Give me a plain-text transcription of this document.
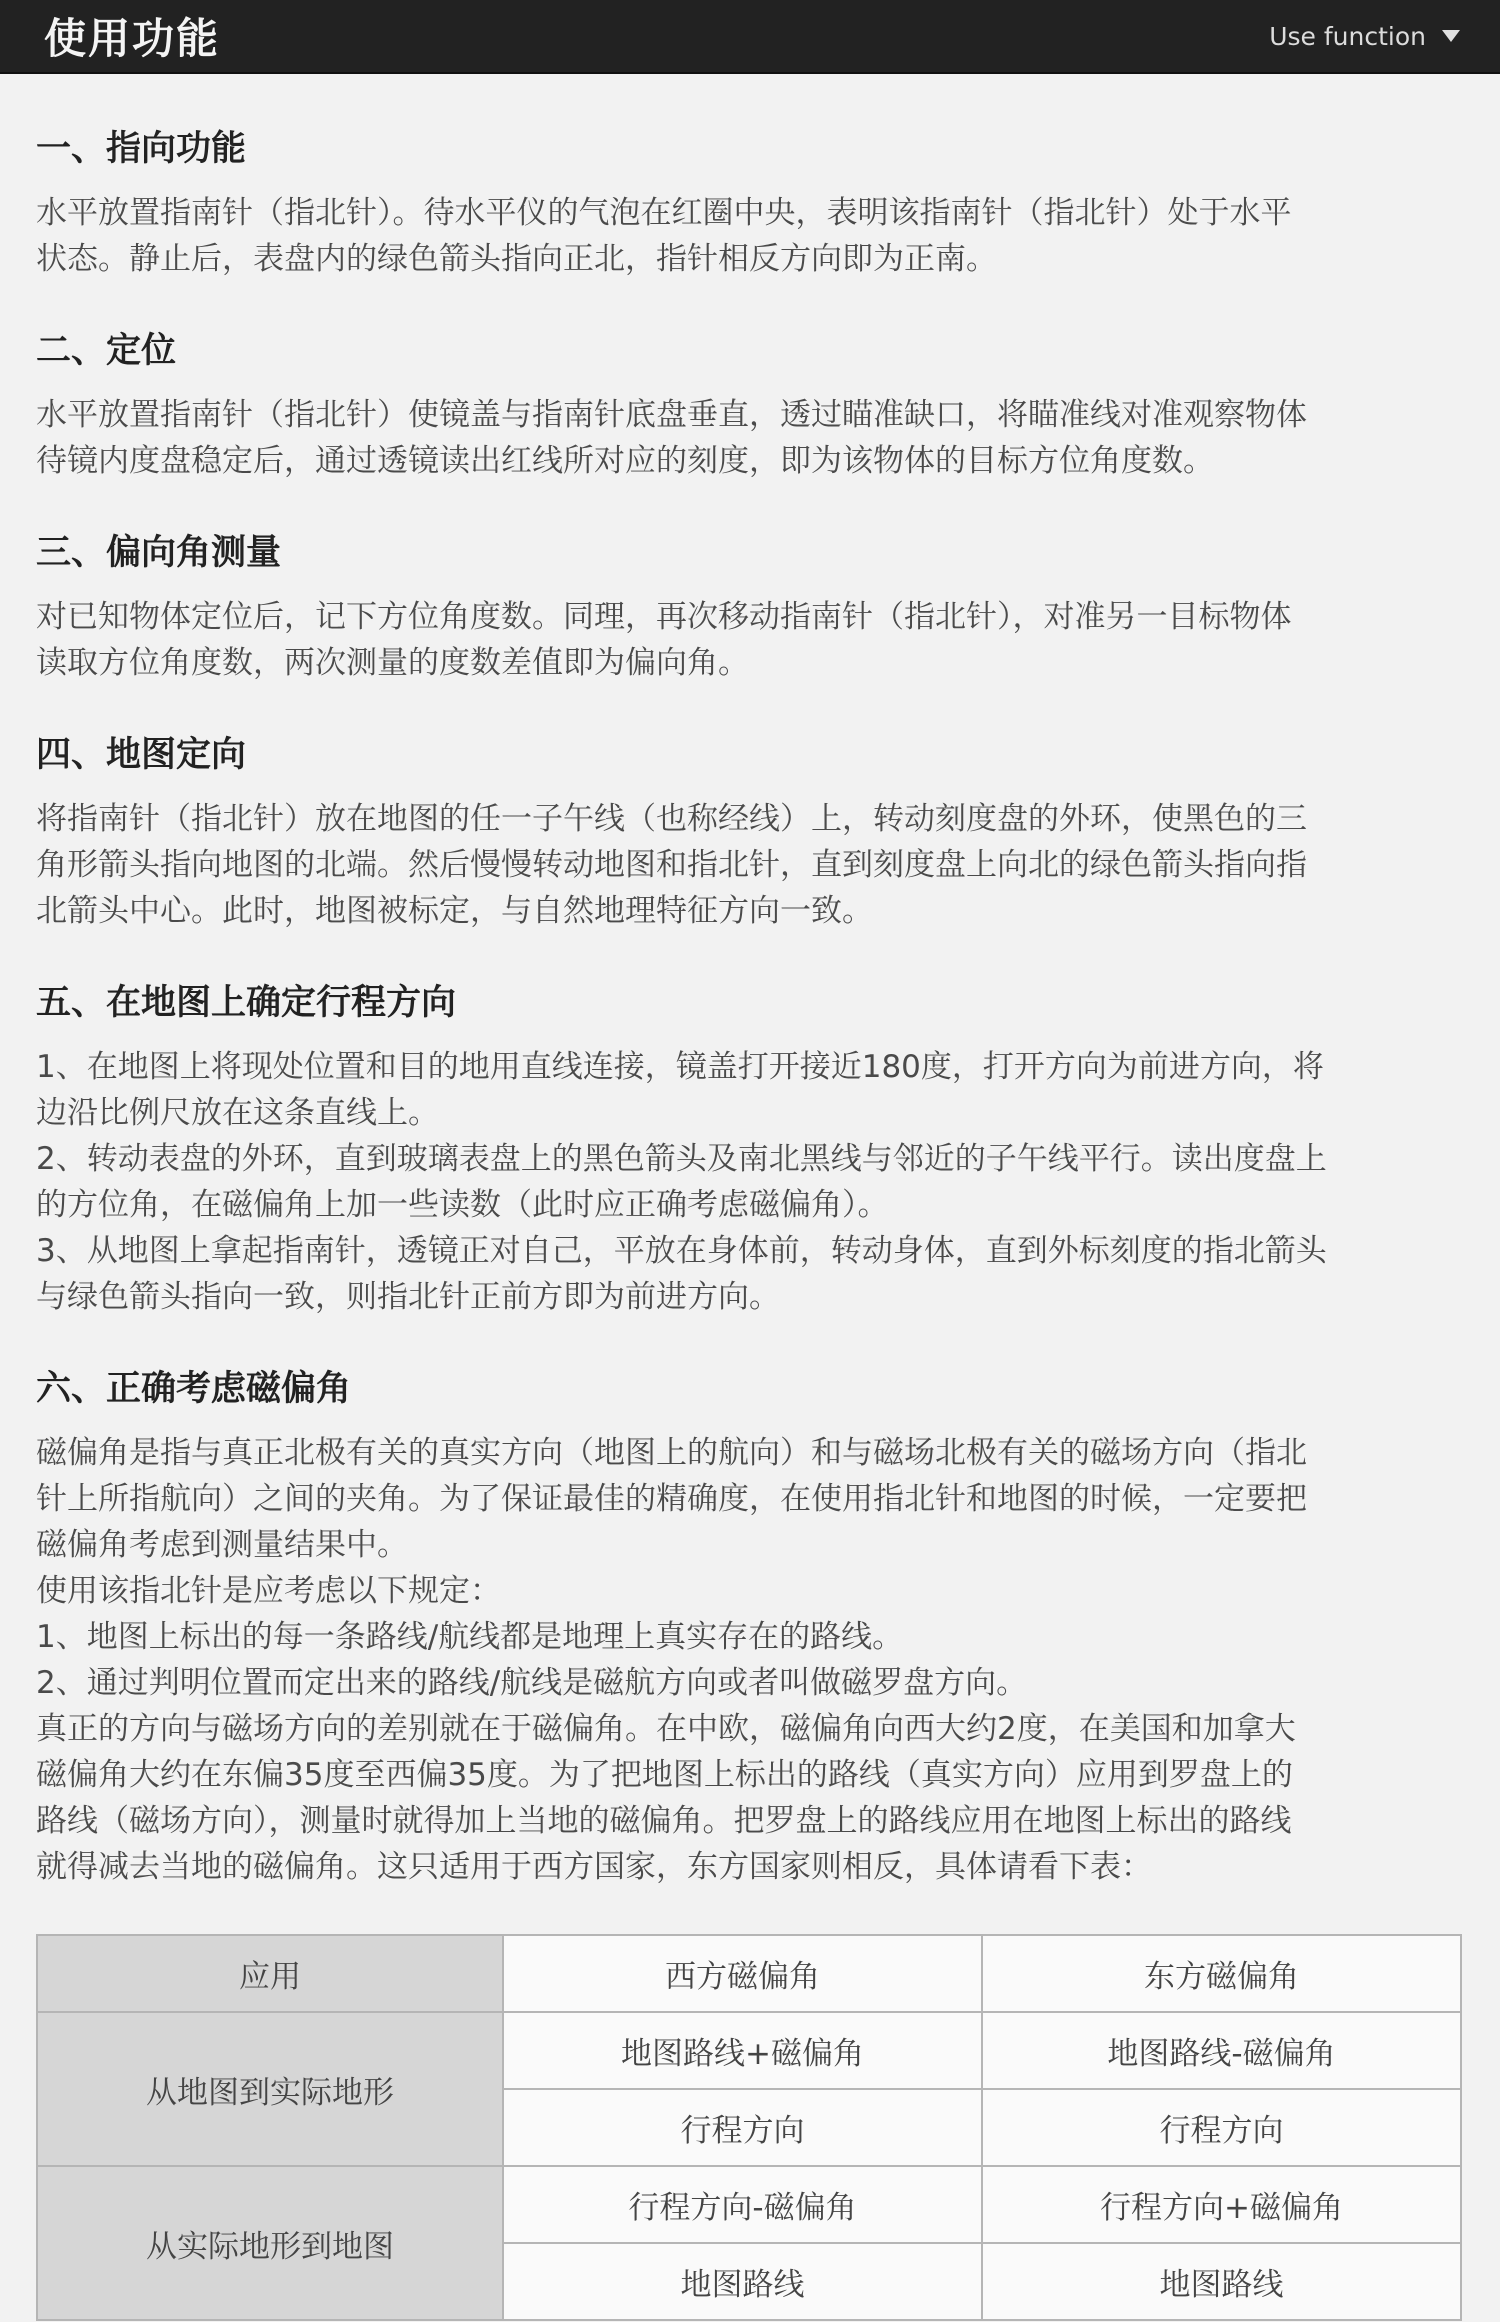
使用功能	Use function
一、指向功能

水平放置指南针（指北针）。待水平仪的气泡在红圈中央，表明该指南针（指北针）处于水平
状态。静止后，表盘内的绿色箭头指向正北，指针相反方向即为正南。

二、定位

水平放置指南针（指北针）使镜盖与指南针底盘垂直，透过瞄准缺口，将瞄准线对准观察物体
待镜内度盘稳定后，通过透镜读出红线所对应的刻度，即为该物体的目标方位角度数。

三、偏向角测量

对已知物体定位后，记下方位角度数。同理，再次移动指南针（指北针），对准另一目标物体
读取方位角度数，两次测量的度数差值即为偏向角。

四、地图定向

将指南针（指北针）放在地图的任一子午线（也称经线）上，转动刻度盘的外环，使黑色的三
角形箭头指向地图的北端。然后慢慢转动地图和指北针，直到刻度盘上向北的绿色箭头指向指
北箭头中心。此时，地图被标定，与自然地理特征方向一致。

五、在地图上确定行程方向

1、在地图上将现处位置和目的地用直线连接，镜盖打开接近180度，打开方向为前进方向，将
边沿比例尺放在这条直线上。
2、转动表盘的外环，直到玻璃表盘上的黑色箭头及南北黑线与邻近的子午线平行。读出度盘上
的方位角，在磁偏角上加一些读数（此时应正确考虑磁偏角）。
3、从地图上拿起指南针，透镜正对自己，平放在身体前，转动身体，直到外标刻度的指北箭头
与绿色箭头指向一致，则指北针正前方即为前进方向。

六、正确考虑磁偏角

磁偏角是指与真正北极有关的真实方向（地图上的航向）和与磁场北极有关的磁场方向（指北
针上所指航向）之间的夹角。为了保证最佳的精确度，在使用指北针和地图的时候，一定要把
磁偏角考虑到测量结果中。
使用该指北针是应考虑以下规定：
1、地图上标出的每一条路线/航线都是地理上真实存在的路线。
2、通过判明位置而定出来的路线/航线是磁航方向或者叫做磁罗盘方向。
真正的方向与磁场方向的差别就在于磁偏角。在中欧，磁偏角向西大约2度，在美国和加拿大
磁偏角大约在东偏35度至西偏35度。为了把地图上标出的路线（真实方向）应用到罗盘上的
路线（磁场方向），测量时就得加上当地的磁偏角。把罗盘上的路线应用在地图上标出的路线
就得减去当地的磁偏角。这只适用于西方国家，东方国家则相反，具体请看下表：

应用	西方磁偏角	东方磁偏角
从地图到实际地形	地图路线+磁偏角	地图路线-磁偏角
	行程方向	行程方向
从实际地形到地图	行程方向-磁偏角	行程方向+磁偏角
	地图路线	地图路线
